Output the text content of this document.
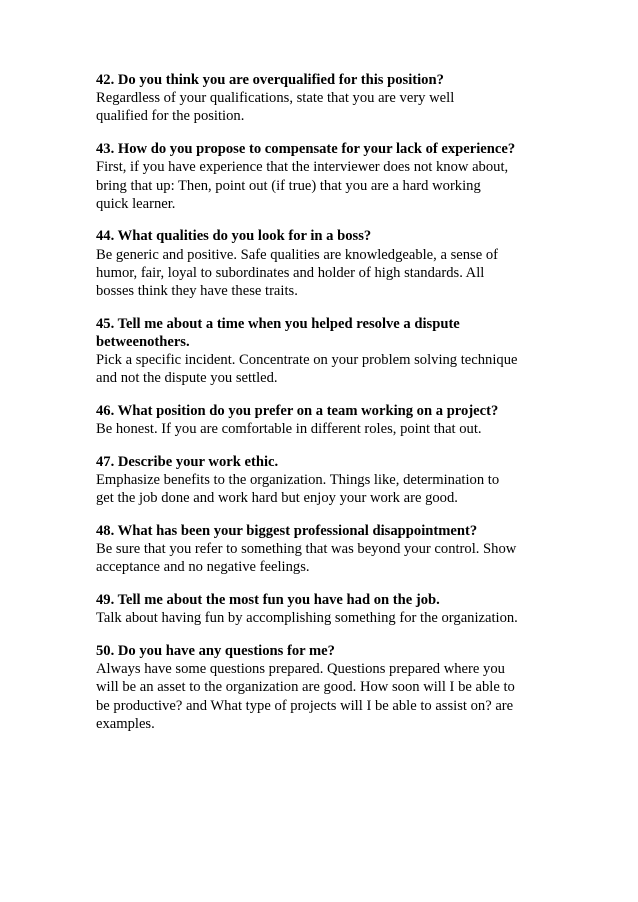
42. Do you think you are overqualified for this position?
Regardless of your qualifications, state that you are very well
qualified for the position.
43. How do you propose to compensate for your lack of experience?
First, if you have experience that the interviewer does not know about,
bring that up: Then, point out (if true) that you are a hard working
quick learner.
44. What qualities do you look for in a boss?
Be generic and positive. Safe qualities are knowledgeable, a sense of
humor, fair, loyal to subordinates and holder of high standards. All
bosses think they have these traits.
45. Tell me about a time when you helped resolve a dispute
betweenothers.
Pick a specific incident. Concentrate on your problem solving technique
and not the dispute you settled.
46. What position do you prefer on a team working on a project?
Be honest. If you are comfortable in different roles, point that out.
47. Describe your work ethic.
Emphasize benefits to the organization. Things like, determination to
get the job done and work hard but enjoy your work are good.
48. What has been your biggest professional disappointment?
Be sure that you refer to something that was beyond your control. Show
acceptance and no negative feelings.
49. Tell me about the most fun you have had on the job.
Talk about having fun by accomplishing something for the organization.
50. Do you have any questions for me?
Always have some questions prepared. Questions prepared where you
will be an asset to the organization are good. How soon will I be able to
be productive? and What type of projects will I be able to assist on? are
examples.
